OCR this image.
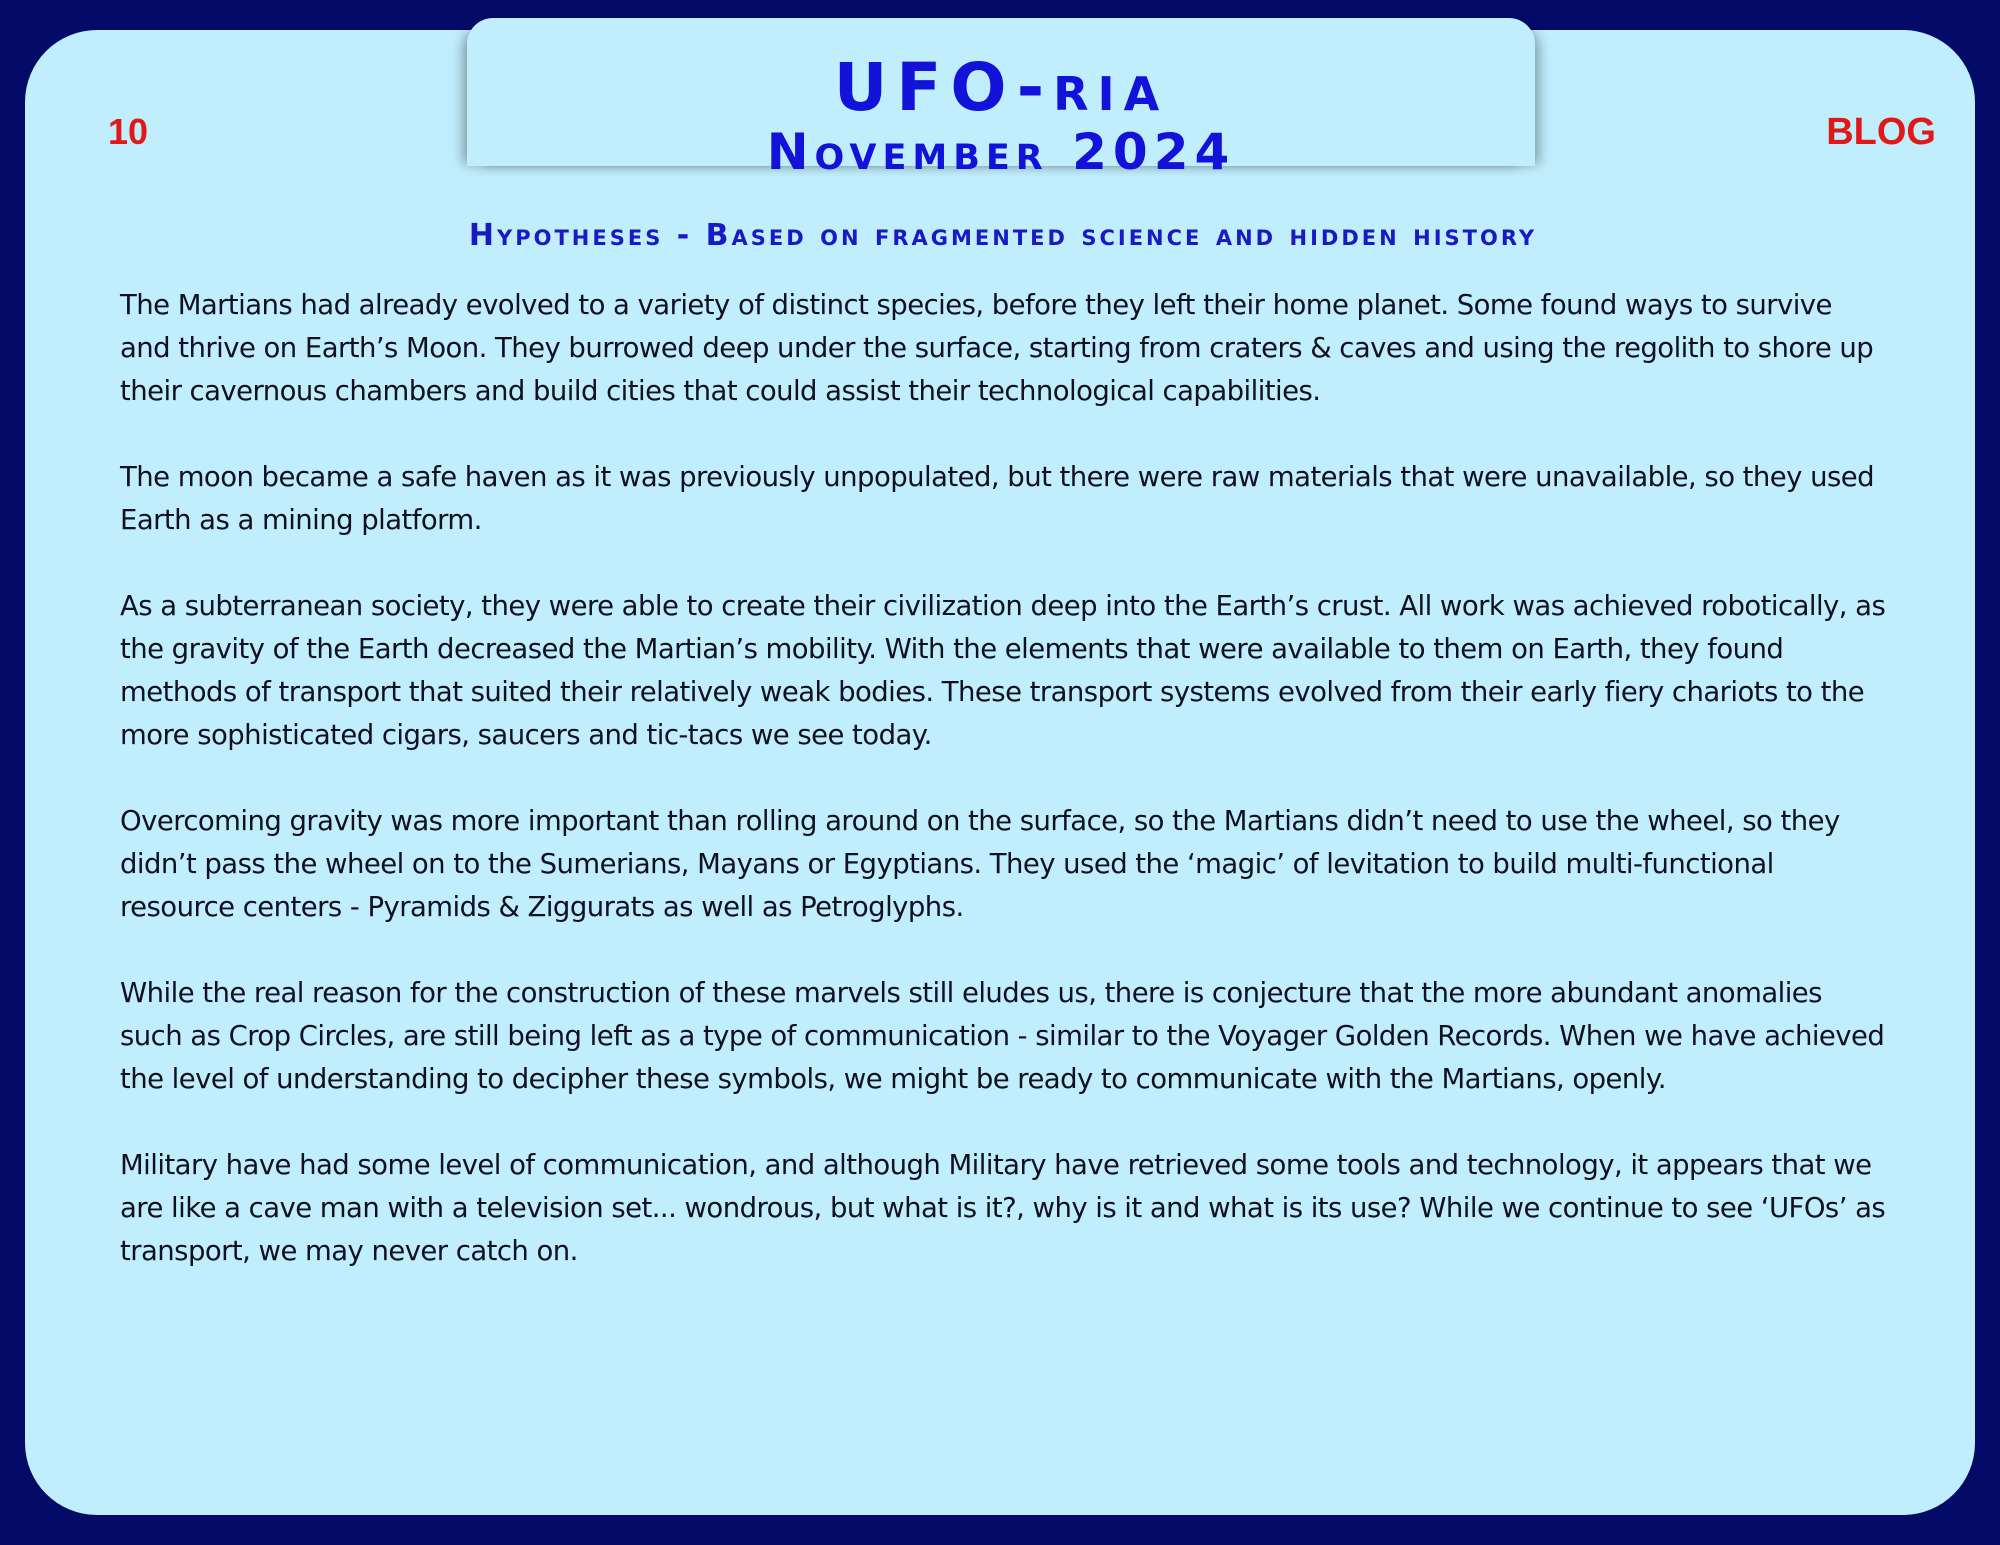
10
UFO-ria
November 2024	BLOG
Hypotheses - Based on fragmented science and hidden history

The Martians had already evolved to a variety of distinct species, before they left their home planet. Some found ways to survive and thrive on Earth’s Moon. They burrowed deep under the surface, starting from craters & caves and using the regolith to shore up their cavernous chambers and build cities that could assist their technological capabilities.

The moon became a safe haven as it was previously unpopulated, but there were raw materials that were unavailable, so they used Earth as a mining platform.

As a subterranean society, they were able to create their civilization deep into the Earth’s crust. All work was achieved robotically, as the gravity of the Earth decreased the Martian’s mobility. With the elements that were available to them on Earth, they found methods of transport that suited their relatively weak bodies. These transport systems evolved from their early fiery chariots to the more sophisticated cigars, saucers and tic-tacs we see today.

Overcoming gravity was more important than rolling around on the surface, so the Martians didn’t need to use the wheel, so they didn’t pass the wheel on to the Sumerians, Mayans or Egyptians. They used the ‘magic’ of levitation to build multi-functional resource centers - Pyramids & Ziggurats as well as Petroglyphs.

While the real reason for the construction of these marvels still eludes us, there is conjecture that the more abundant anomalies such as Crop Circles, are still being left as a type of communication - similar to the Voyager Golden Records. When we have achieved the level of understanding to decipher these symbols, we might be ready to communicate with the Martians, openly.

Military have had some level of communication, and although Military have retrieved some tools and technology, it appears that we are like a cave man with a television set... wondrous, but what is it?, why is it and what is its use? While we continue to see ‘UFOs’ as transport, we may never catch on.
